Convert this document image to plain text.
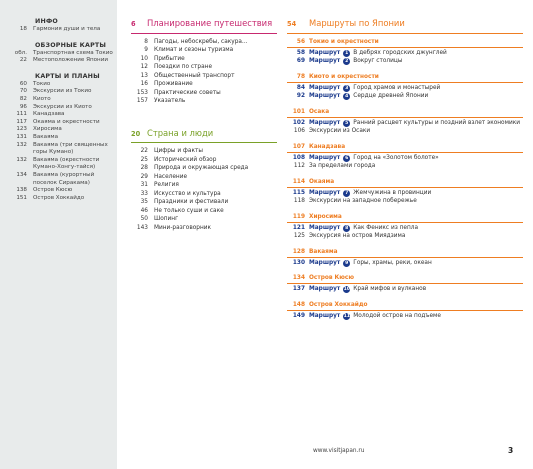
ИНФО
18	Гармония души и тела
ОБЗОРНЫЕ КАРТЫ
обл.	Транспортная схема Токио
22	Местоположение Японии
КАРТЫ И ПЛАНЫ
60	Токио
70	Экскурсии из Токио
82	Киото
96	Экскурсии из Киото
111	Канадзава
117	Окаяма и окрестности
123	Хиросима
131	Вакаяма
132	Вакаяма (три священных горы Кумано)
132	Вакаяма (окрестности Кумано-Хонгу-тайся)
134	Вакаяма (курортный поселок Сиракама)
138	Остров Кюсю
151	Остров Хоккайдо
6	Планирование путешествия
8	Пагоды, небоскребы, сакура…
9	Климат и сезоны туризма
10	Прибытие
12	Поездки по стране
13	Общественный транспорт
16	Проживание
153	Практические советы
157	Указатель
20 Страна и люди
22	Цифры и факты
25	Исторический обзор
28	Природа и окружающая среда
29	Население
31	Религия
33	Искусство и культура
35	Праздники и фестивали
46	Не только суши и саке
50	Шопинг
143	Мини-разговорник
54	Маршруты по Японии
56 Токио и окрестности
58 Маршрут 1 В дебрях городских джунглей
69 Маршрут 2 Вокруг столицы
78 Киото и окрестности
84 Маршрут 3 Город храмов и монастырей
92 Маршрут 4 Сердце древней Японии
101 Осака
102 Маршрут 5 Ранний расцвет культуры и поздний взлет экономики
106 Экскурсии из Осаки
107 Канадзава
108 Маршрут 6 Город на «Золотом болоте»
112 За пределами города
114 Окаяма
115 Маршрут 7 Жемчужина в провинции
118 Экскурсии на западное побережье
119 Хиросима
121 Маршрут 8 Как Феникс из пепла
125 Экскурсия на остров Миядзима
128 Вакаяма
130 Маршрут 9 Горы, храмы, реки, океан
134 Остров Кюсю
137 Маршрут 10 Край мифов и вулканов
148 Остров Хоккайдо
149 Маршрут 11 Молодой остров на подъеме
www.visitjapan.ru	3
